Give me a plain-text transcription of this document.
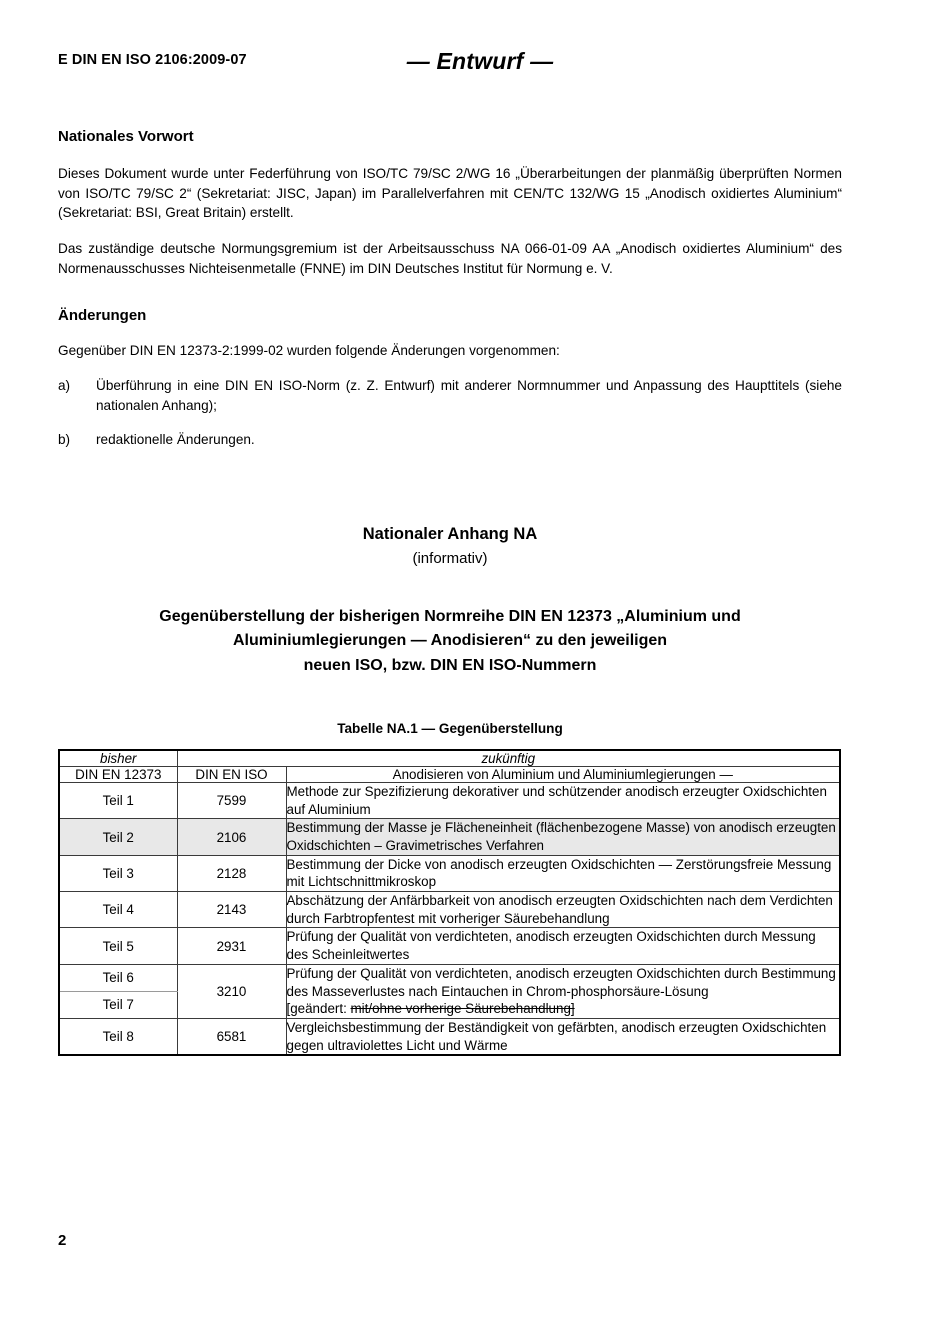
E DIN EN ISO 2106:2009-07	— Entwurf —
Nationales Vorwort

Dieses Dokument wurde unter Federführung von ISO/TC 79/SC 2/WG 16 „Überarbeitungen der planmäßig überprüften Normen von ISO/TC 79/SC 2“ (Sekretariat: JISC, Japan) im Parallelverfahren mit CEN/TC 132/WG 15 „Anodisch oxidiertes Aluminium“ (Sekretariat: BSI, Great Britain) erstellt.

Das zuständige deutsche Normungsgremium ist der Arbeitsausschuss NA 066-01-09 AA „Anodisch oxidiertes Aluminium“ des Normenausschusses Nichteisenmetalle (FNNE) im DIN Deutsches Institut für Normung e. V.

Änderungen

Gegenüber DIN EN 12373-2:1999-02 wurden folgende Änderungen vorgenommen:

a)	Überführung in eine DIN EN ISO-Norm (z. Z. Entwurf) mit anderer Normnummer und Anpassung des Haupttitels (siehe nationalen Anhang);
b)	redaktionelle Änderungen.
Nationaler Anhang NA
(informativ)
Gegenüberstellung der bisherigen Normreihe DIN EN 12373 „Aluminium und
Aluminiumlegierungen — Anodisieren“ zu den jeweiligen
neuen ISO, bzw. DIN EN ISO-Nummern
Tabelle NA.1 — Gegenüberstellung
bisher	zukünftig	
DIN EN 12373	DIN EN ISO	Anodisieren von Aluminium und Aluminiumlegierungen —
Teil 1	7599	Methode zur Spezifizierung dekorativer und schützender anodisch erzeugter Oxidschichten auf Aluminium
Teil 2	2106	Bestimmung der Masse je Flächeneinheit (flächenbezogene Masse) von anodisch erzeugten Oxidschichten – Gravimetrisches Verfahren
Teil 3	2128	Bestimmung der Dicke von anodisch erzeugten Oxidschichten — Zerstörungsfreie Messung mit Lichtschnittmikroskop
Teil 4	2143	Abschätzung der Anfärbbarkeit von anodisch erzeugten Oxidschichten nach dem Verdichten durch Farbtropfentest mit vorheriger Säurebehandlung
Teil 5	2931	Prüfung der Qualität von verdichteten, anodisch erzeugten Oxidschichten durch Messung des Scheinleitwertes
Teil 6	3210	Prüfung der Qualität von verdichteten, anodisch erzeugten Oxidschichten durch Bestimmung des Masseverlustes nach Eintauchen in Chrom-phosphorsäure-Lösung
[geändert: mit/ohne vorherige Säurebehandlung]
Teil 7		
Teil 8	6581	Vergleichsbestimmung der Beständigkeit von gefärbten, anodisch erzeugten Oxidschichten gegen ultraviolettes Licht und Wärme
2
